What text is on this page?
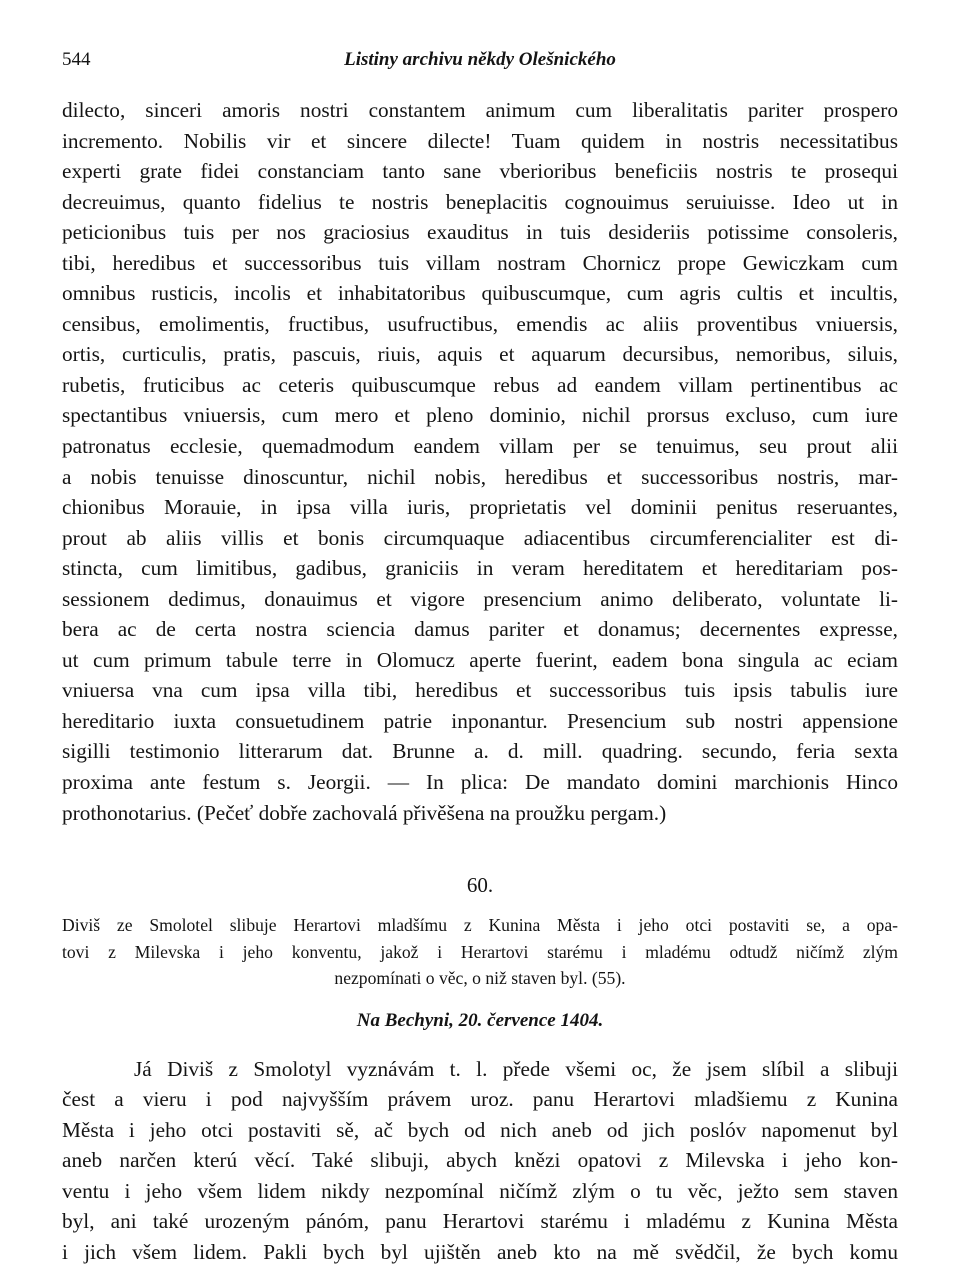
544	Listiny archivu někdy Olešnického
dilecto, sinceri amoris nostri constantem animum cum liberalitatis pariter prospero
incremento. Nobilis vir et sincere dilecte! Tuam quidem in nostris necessitatibus
experti grate fidei constanciam tanto sane vberioribus beneficiis nostris te prosequi
decreuimus, quanto fidelius te nostris beneplacitis cognouimus seruiuisse. Ideo ut in
peticionibus tuis per nos graciosius exauditus in tuis desideriis potissime consoleris,
tibi, heredibus et successoribus tuis villam nostram Chornicz prope Gewiczkam cum
omnibus rusticis, incolis et inhabitatoribus quibuscumque, cum agris cultis et incultis,
censibus, emolimentis, fructibus, usufructibus, emendis ac aliis proventibus vniuersis,
ortis, curticulis, pratis, pascuis, riuis, aquis et aquarum decursibus, nemoribus, siluis,
rubetis, fruticibus ac ceteris quibuscumque rebus ad eandem villam pertinentibus ac
spectantibus vniuersis, cum mero et pleno dominio, nichil prorsus excluso, cum iure
patronatus ecclesie, quemadmodum eandem villam per se tenuimus, seu prout alii
a nobis tenuisse dinoscuntur, nichil nobis, heredibus et successoribus nostris, mar-
chionibus Morauie, in ipsa villa iuris, proprietatis vel dominii penitus reseruantes,
prout ab aliis villis et bonis circumquaque adiacentibus circumferencialiter est di-
stincta, cum limitibus, gadibus, graniciis in veram hereditatem et hereditariam pos-
sessionem dedimus, donauimus et vigore presencium animo deliberato, voluntate li-
bera ac de certa nostra sciencia damus pariter et donamus; decernentes expresse,
ut cum primum tabule terre in Olomucz aperte fuerint, eadem bona singula ac eciam
vniuersa vna cum ipsa villa tibi, heredibus et successoribus tuis ipsis tabulis iure
hereditario iuxta consuetudinem patrie inponantur. Presencium sub nostri appensione
sigilli testimonio litterarum dat. Brunne a. d. mill. quadring. secundo, feria sexta
proxima ante festum s. Jeorgii. — In plica: De mandato domini marchionis Hinco
prothonotarius. (Pečeť dobře zachovalá přivěšena na proužku pergam.)
60.
Diviš ze Smolotel slibuje Herartovi mladšímu z Kunina Města i jeho otci postaviti se, a opa-
tovi z Milevska i jeho konventu, jakož i Herartovi starému i mladému odtudž ničímž zlým
nezpomínati o věc, o niž staven byl. (55).
Na Bechyni, 20. července 1404.
Já Diviš z Smolotyl vyznávám t. l. přede všemi oc, že jsem slíbil a slibuji
čest a vieru i pod najvyšším právem uroz. panu Herartovi mladšiemu z Kunina
Města i jeho otci postaviti sě, ač bych od nich aneb od jich poslóv napomenut byl
aneb narčen kterú věcí. Také slibuji, abych knězi opatovi z Milevska i jeho kon-
ventu i jeho všem lidem nikdy nezpomínal ničímž zlým o tu věc, ježto sem staven
byl, ani také urozeným pánóm, panu Herartovi starému i mladému z Kunina Města
i jich všem lidem. Pakli bych byl ujištěn aneb kto na mě svědčil, že bych komu
